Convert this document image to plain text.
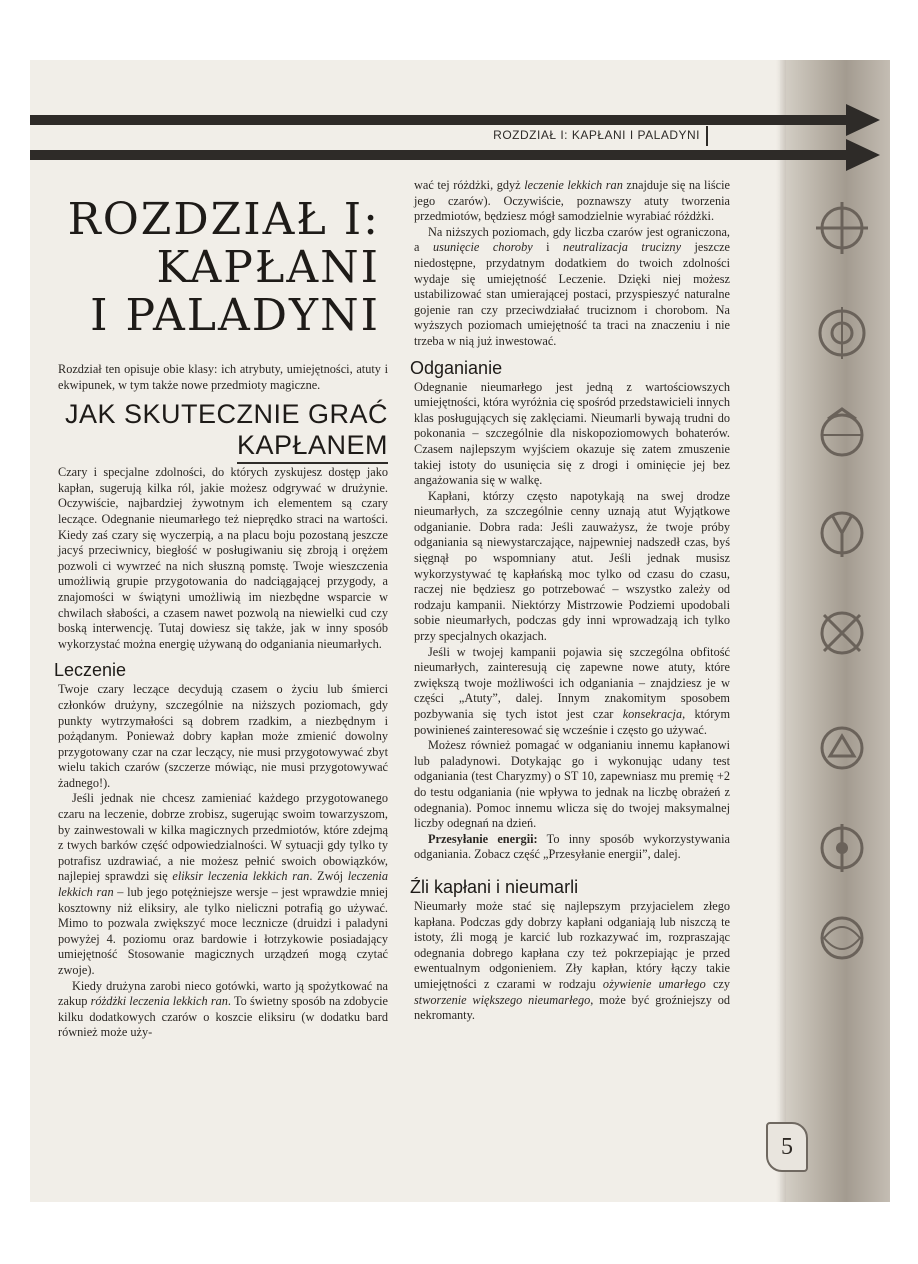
ROZDZIAŁ I: KAPŁANI I PALADYNI
ROZDZIAŁ I:
KAPŁANI
I PALADYNI

Rozdział ten opisuje obie klasy: ich atrybuty, umiejętności, atuty i ekwipunek, w tym także nowe przedmioty magiczne.

JAK SKUTECZNIE GRAĆ
KAPŁANEM

Czary i specjalne zdolności, do których zyskujesz dostęp jako kapłan, sugerują kilka ról, jakie możesz odgrywać w drużynie. Oczywiście, najbardziej żywotnym ich elementem są czary leczące. Odegnanie nieumarłego też nieprędko straci na wartości. Kiedy zaś czary się wyczerpią, a na placu boju pozostaną jeszcze jacyś przeciwnicy, biegłość w posługiwaniu się zbroją i orężem pozwoli ci wywrzeć na nich słuszną pomstę. Twoje wieszczenia umożliwią grupie przygotowania do nadciągającej przygody, a znajomości w świątyni umożliwią im niezbędne wsparcie w chwilach słabości, a czasem nawet pozwolą na niewielki cud czy boską interwencję. Tutaj dowiesz się także, jak w inny sposób wykorzystać można energię używaną do odganiania nieumarłych.

Leczenie

Twoje czary leczące decydują czasem o życiu lub śmierci członków drużyny, szczególnie na niższych poziomach, gdy punkty wytrzymałości są dobrem rzadkim, a niezbędnym i pożądanym. Ponieważ dobry kapłan może zmienić dowolny przygotowany czar na czar leczący, nie musi przygotowywać zbyt wielu takich czarów (szczerze mówiąc, nie musi przygotowywać żadnego!).

Jeśli jednak nie chcesz zamieniać każdego przygotowanego czaru na leczenie, dobrze zrobisz, sugerując swoim towarzyszom, by zainwestowali w kilka magicznych przedmiotów, które zdejmą z twych barków część odpowiedzialności. W sytuacji gdy tylko ty potrafisz uzdrawiać, a nie możesz pełnić swoich obowiązków, najlepiej sprawdzi się eliksir leczenia lekkich ran. Zwój leczenia lekkich ran – lub jego potężniejsze wersje – jest wprawdzie mniej kosztowny niż eliksiry, ale tylko nieliczni potrafią go używać. Mimo to pozwala zwiększyć moce lecznicze (druidzi i paladyni powyżej 4. poziomu oraz bardowie i łotrzykowie posiadający umiejętność Stosowanie magicznych urządzeń mogą czytać zwoje).

Kiedy drużyna zarobi nieco gotówki, warto ją spożytkować na zakup różdżki leczenia lekkich ran. To świetny sposób na zdobycie kilku dodatkowych czarów o koszcie eliksiru (w dodatku bard również może uży-

wać tej różdżki, gdyż leczenie lekkich ran znajduje się na liście jego czarów). Oczywiście, poznawszy atuty tworzenia przedmiotów, będziesz mógł samodzielnie wyrabiać różdżki.

Na niższych poziomach, gdy liczba czarów jest ograniczona, a usunięcie choroby i neutralizacja trucizny jeszcze niedostępne, przydatnym dodatkiem do twoich zdolności wydaje się umiejętność Leczenie. Dzięki niej możesz ustabilizować stan umierającej postaci, przyspieszyć naturalne gojenie ran czy przeciwdziałać truciznom i chorobom. Na wyższych poziomach umiejętność ta traci na znaczeniu i nie trzeba w nią już inwestować.

Odganianie

Odegnanie nieumarłego jest jedną z wartościowszych umiejętności, która wyróżnia cię spośród przedstawicieli innych klas posługujących się zaklęciami. Nieumarli bywają trudni do pokonania – szczególnie dla niskopoziomowych bohaterów. Czasem najlepszym wyjściem okazuje się zatem zmuszenie takiej istoty do usunięcia się z drogi i ominięcie jej bez angażowania się w walkę.

Kapłani, którzy często napotykają na swej drodze nieumarłych, za szczególnie cenny uznają atut Wyjątkowe odganianie. Dobra rada: Jeśli zauważysz, że twoje próby odganiania są niewystarczające, najpewniej nadszedł czas, byś sięgnął po wspomniany atut. Jeśli jednak musisz wykorzystywać tę kapłańską moc tylko od czasu do czasu, raczej nie będziesz go potrzebować – wszystko zależy od rodzaju kampanii. Niektórzy Mistrzowie Podziemi upodobali sobie nieumarłych, podczas gdy inni wprowadzają ich tylko przy specjalnych okazjach.

Jeśli w twojej kampanii pojawia się szczególna obfitość nieumarłych, zainteresują cię zapewne nowe atuty, które zwiększą twoje możliwości ich odganiania – znajdziesz je w części „Atuty”, dalej. Innym znakomitym sposobem pozbywania się tych istot jest czar konsekracja, którym powinieneś zainteresować się wcześnie i często go używać.

Możesz również pomagać w odganianiu innemu kapłanowi lub paladynowi. Dotykając go i wykonując udany test odganiania (test Charyzmy) o ST 10, zapewniasz mu premię +2 do testu odganiania (nie wpływa to jednak na liczbę obrażeń z odegnania). Pomoc innemu wlicza się do twojej maksymalnej liczby odegnań na dzień.

Przesyłanie energii: To inny sposób wykorzystywania odganiania. Zobacz część „Przesyłanie energii”, dalej.

Źli kapłani i nieumarli

Nieumarły może stać się najlepszym przyjacielem złego kapłana. Podczas gdy dobrzy kapłani odganiają lub niszczą te istoty, źli mogą je karcić lub rozkazywać im, rozpraszając odegnania dobrego kapłana czy też pokrzepiając je przed ewentualnym odgonieniem. Zły kapłan, który łączy takie umiejętności z czarami w rodzaju ożywienie umarłego czy stworzenie większego nieumarłego, może być groźniejszy od nekromanty.

5
